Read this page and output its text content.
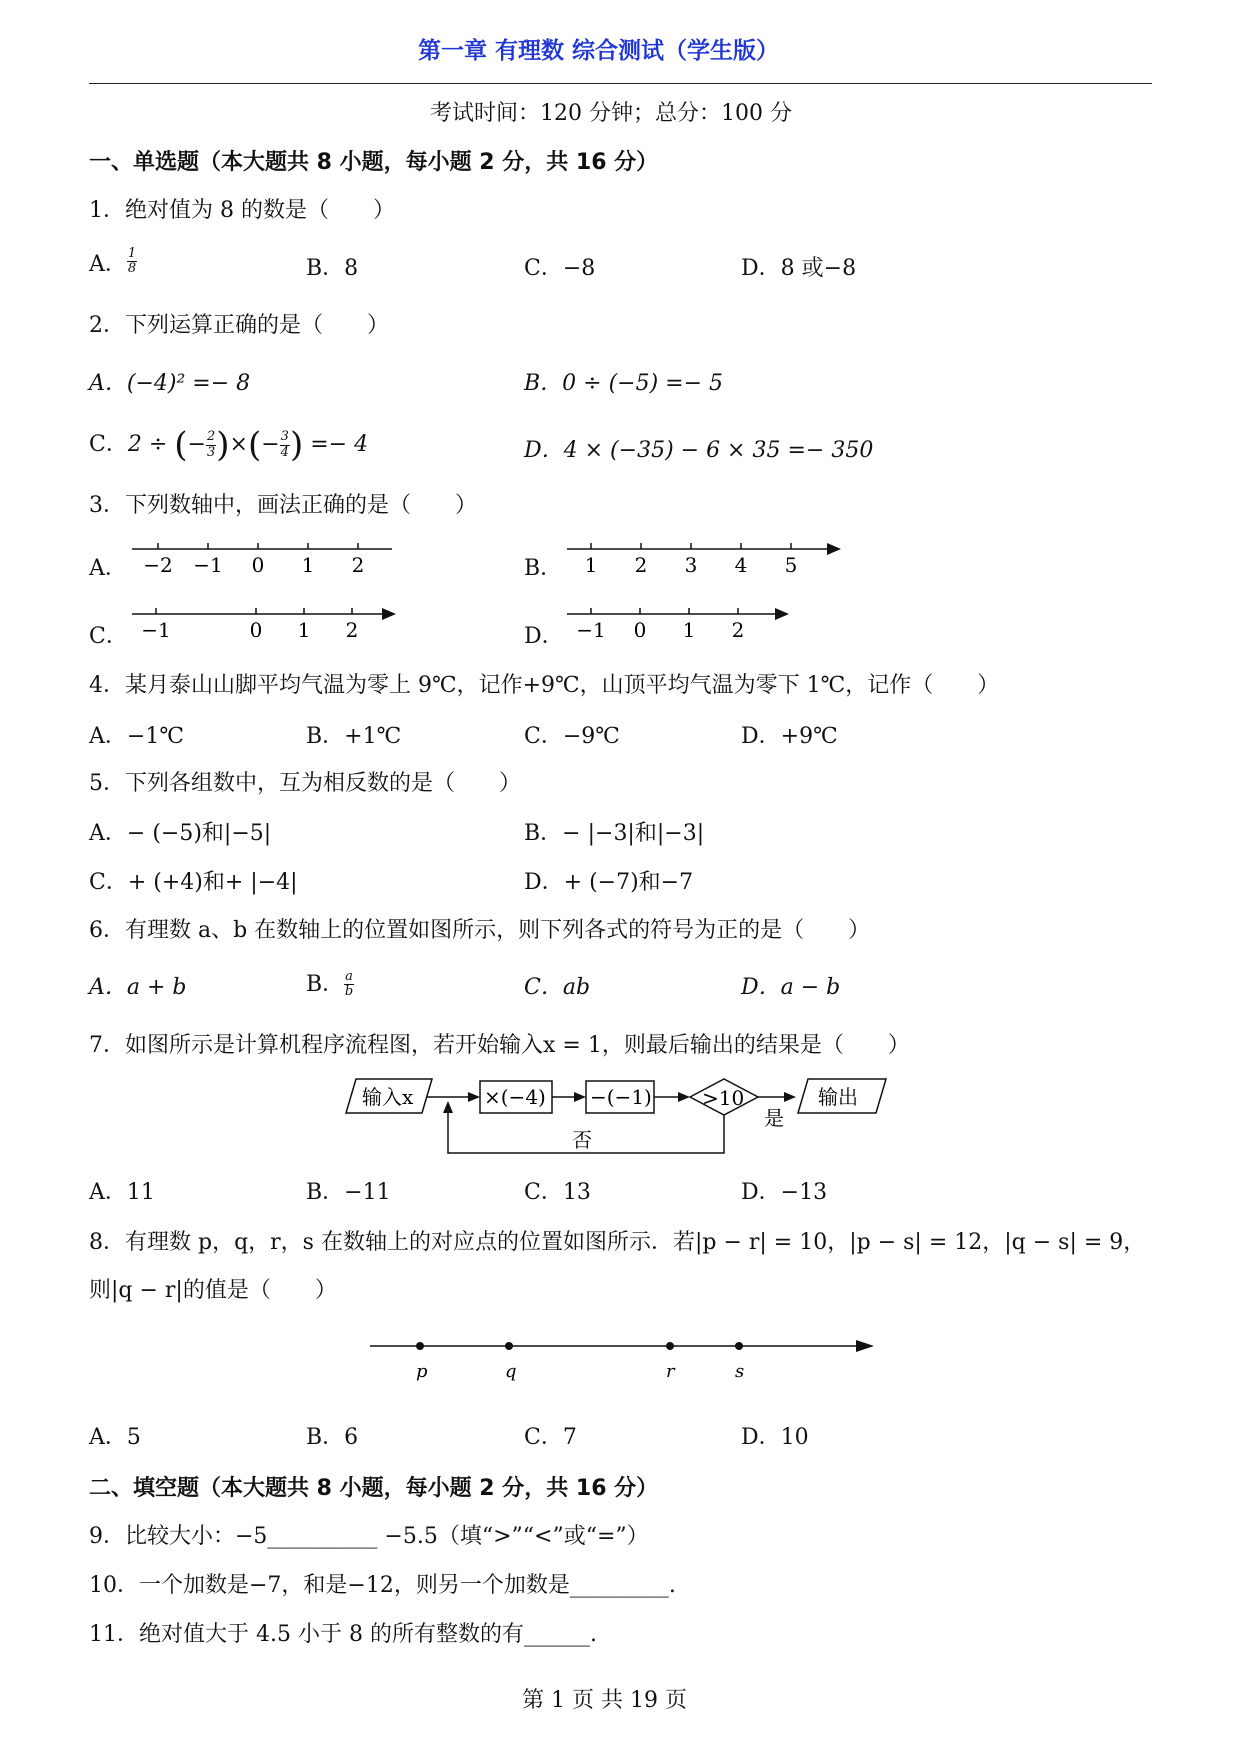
第一章 有理数 综合测试（学生版）
考试时间：120 分钟；总分：100 分
一、单选题（本大题共 8 小题，每小题 2 分，共 16 分）
1．绝对值为 8 的数是（　　）
A． $\frac{1}{8}$	B．8	C．−8	D．8 或−8
2．下列运算正确的是（　　）
A．(−4)² =− 8	B．0 ÷ (−5) =− 5
C．2 ÷ (− $\frac{2}{3}$ )×(− $\frac{3}{4}$ ) =− 4	D．4 × (−35) − 6 × 35 =− 350
3．下列数轴中，画法正确的是（　　）
A． −2 −1 0 1 2	B． 1 2 3 4 5
C． −1	0 1 2	D． −1 0 1 2
4．某月泰山山脚平均气温为零上 9℃，记作+9℃，山顶平均气温为零下 1℃，记作（　　）
A．−1℃	B．+1℃	C．−9℃	D．+9℃
5．下列各组数中，互为相反数的是（　　）
A．− (−5)和|−5|	B．− |−3|和|−3|
C．+ (+4)和+ |−4|	D．+ (−7)和−7
6．有理数 a、b 在数轴上的位置如图所示，则下列各式的符号为正的是（　　）
A．a + b	B． $\frac{a}{b}$	C．ab	D．a − b
7．如图所示是计算机程序流程图，若开始输入x = 1，则最后输出的结果是（　　）
输入x	×(−4) −(−1)	>10
是
输出
否
A．11	B．−11	C．13	D．−13
8．有理数 p，q，r，s 在数轴上的对应点的位置如图所示．若|p − r| = 10，|p − s| = 12，|q − s| = 9，
则|q − r|的值是（　　）
p	q	r	s
A．5	B．6	C．7	D．10
二、填空题（本大题共 8 小题，每小题 2 分，共 16 分）
9．比较大小：−5__________ −5.5（填“>”“<”或“=”）
10．一个加数是−7，和是−12，则另一个加数是_________.
11．绝对值大于 4.5 小于 8 的所有整数的有______.
第 1 页 共 19 页
